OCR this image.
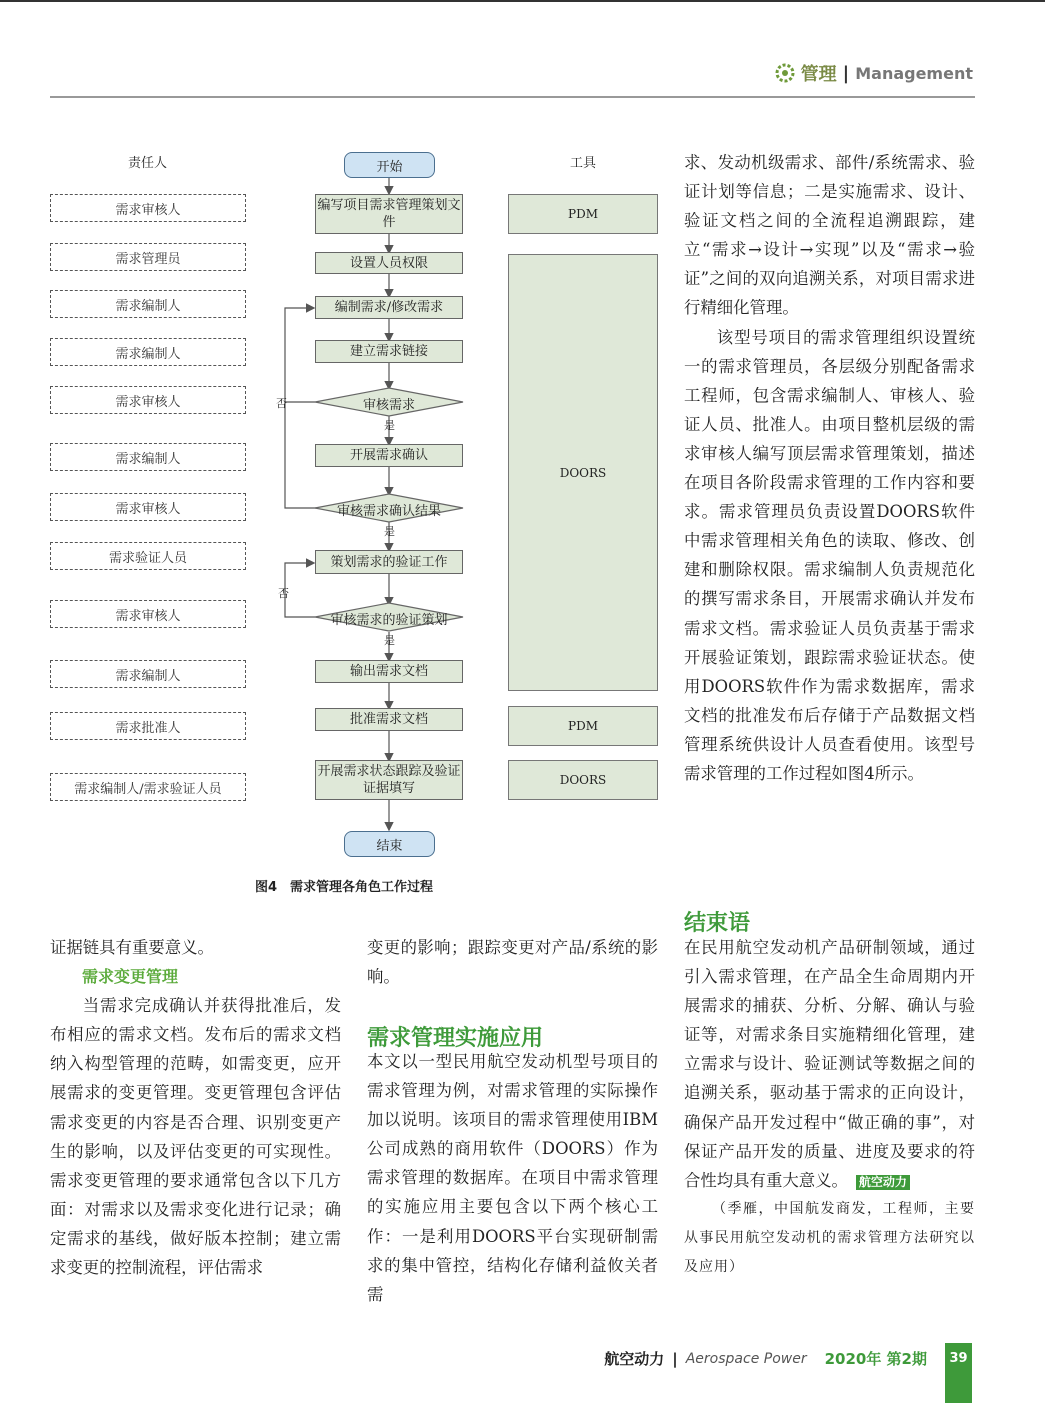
管理 | Management
责任人	工具
开始
结束
需求审核人
需求管理员
需求编制人
需求编制人
需求审核人
需求编制人
需求审核人
需求验证人员
需求审核人
需求编制人
需求批准人
需求编制人/需求验证人员
编写项目需求管理策划文件
设置人员权限
编制需求/修改需求
建立需求链接
审核需求
开展需求确认
审核需求确认结果
策划需求的验证工作
审核需求的验证策划
输出需求文档
批准需求文档
开展需求状态跟踪及验证证据填写
是
是
是
否
否
PDM
DOORS
PDM
DOORS
图4　需求管理各角色工作过程

求、发动机级需求、部件/系统需求、验证计划等信息；二是实施需求、设计、验证文档之间的全流程追溯跟踪，建立“需求→设计→实现”以及“需求→验证”之间的双向追溯关系，对项目需求进行精细化管理。

该型号项目的需求管理组织设置统一的需求管理员，各层级分别配备需求工程师，包含需求编制人、审核人、验证人员、批准人。由项目整机层级的需求审核人编写顶层需求管理策划，描述在项目各阶段需求管理的工作内容和要求。需求管理员负责设置DOORS软件中需求管理相关角色的读取、修改、创建和删除权限。需求编制人负责规范化的撰写需求条目，开展需求确认并发布需求文档。需求验证人员负责基于需求开展验证策划，跟踪需求验证状态。使用DOORS软件作为需求数据库，需求文档的批准发布后存储于产品数据文档管理系统供设计人员查看使用。该型号需求管理的工作过程如图4所示。

证据链具有重要意义。

需求变更管理

当需求完成确认并获得批准后，发布相应的需求文档。发布后的需求文档纳入构型管理的范畴，如需变更，应开展需求的变更管理。变更管理包含评估需求变更的内容是否合理、识别变更产生的影响，以及评估变更的可实现性。需求变更管理的要求通常包含以下几方面：对需求以及需求变化进行记录；确定需求的基线，做好版本控制；建立需求变更的控制流程，评估需求

变更的影响；跟踪变更对产品/系统的影响。

需求管理实施应用

本文以一型民用航空发动机型号项目的需求管理为例，对需求管理的实际操作加以说明。该项目的需求管理使用IBM公司成熟的商用软件（DOORS）作为需求管理的数据库。在项目中需求管理的实施应用主要包含以下两个核心工作：一是利用DOORS平台实现研制需求的集中管控，结构化存储利益攸关者需

结束语

在民用航空发动机产品研制领域，通过引入需求管理，在产品全生命周期内开展需求的捕获、分析、分解、确认与验证等，对需求条目实施精细化管理，建立需求与设计、验证测试等数据之间的追溯关系，驱动基于需求的正向设计，确保产品开发过程中“做正确的事”，对保证产品开发的质量、进度及要求的符合性均具有重大意义。 航空动力

（季雁，中国航发商发，工程师，主要从事民用航空发动机的需求管理方法研究以及应用）

航空动力 | Aerospace Power 2020年 第2期	39
